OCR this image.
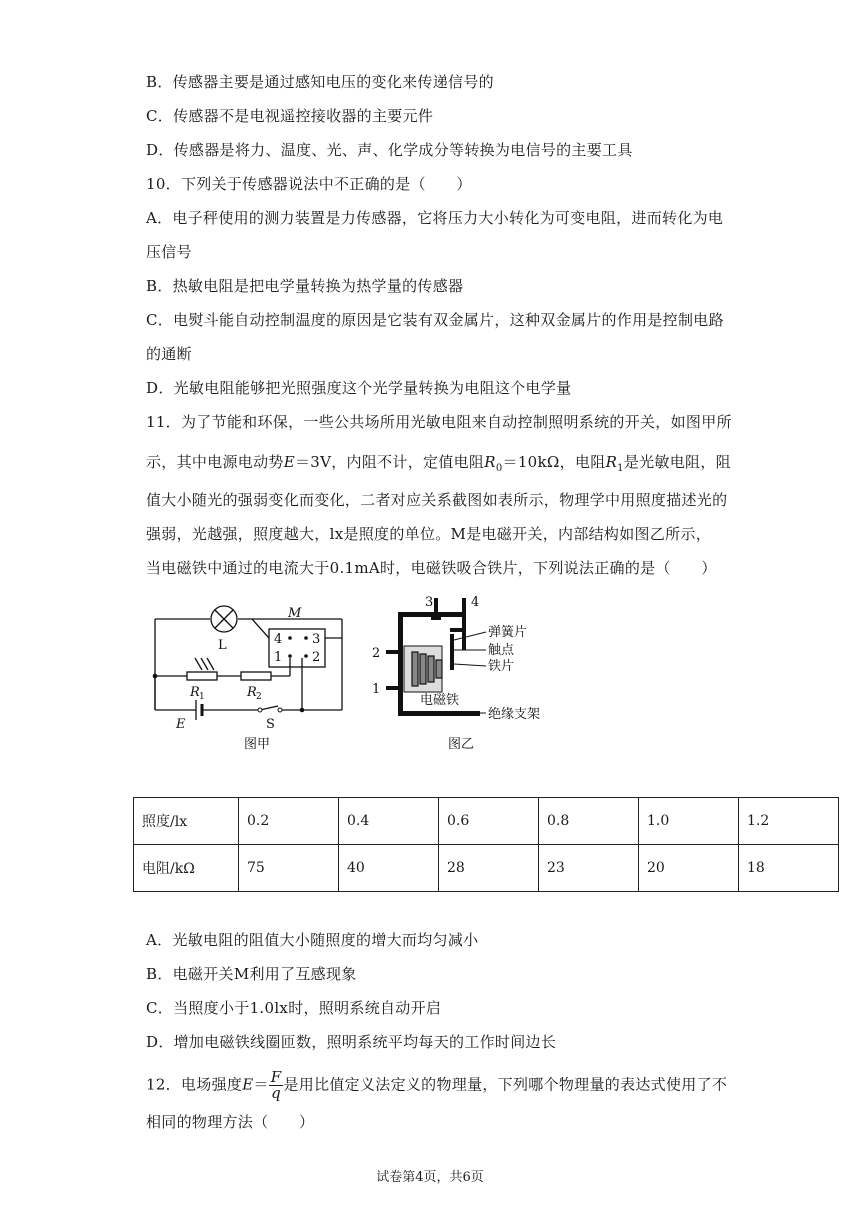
B．传感器主要是通过感知电压的变化来传递信号的
C．传感器不是电视遥控接收器的主要元件
D．传感器是将力、温度、光、声、化学成分等转换为电信号的主要工具
10．下列关于传感器说法中不正确的是（　　）
A．电子秤使用的测力装置是力传感器，它将压力大小转化为可变电阻，进而转化为电
压信号
B．热敏电阻是把电学量转换为热学量的传感器
C．电熨斗能自动控制温度的原因是它装有双金属片，这种双金属片的作用是控制电路
的通断
D．光敏电阻能够把光照强度这个光学量转换为电阻这个电学量
11．为了节能和环保，一些公共场所用光敏电阻来自动控制照明系统的开关，如图甲所
示，其中电源电动势E＝3V，内阻不计，定值电阻$R_0=10k\Omega$，电阻$R_1$是光敏电阻，阻
值大小随光的强弱变化而变化，二者对应关系截图如表所示，物理学中用照度描述光的
强弱，光越强，照度越大，lx是照度的单位。M是电磁开关，内部结构如图乙所示，
当电磁铁中通过的电流大于0.1mA时，电磁铁吸合铁片，下列说法正确的是（　　）
M
L	4 3
1 2
R 1	R 2
E	S
图甲
3	4
2
1
弹簧片
触点
铁片
电磁铁
绝缘支架
图乙
照度/lx	0.2	0.4	0.6	0.8	1.0	1.2
电阻/kΩ	75	40	28	23	20	18
A．光敏电阻的阻值大小随照度的增大而均匀减小
B．电磁开关M利用了互感现象
C．当照度小于1.0lx时，照明系统自动开启
D．增加电磁铁线圈匝数，照明系统平均每天的工作时间边长
12．电场强度$E= \frac{F}{q}$ 是用比值定义法定义的物理量，下列哪个物理量的表达式使用了不
相同的物理方法（　　）
试卷第4页，共6页
